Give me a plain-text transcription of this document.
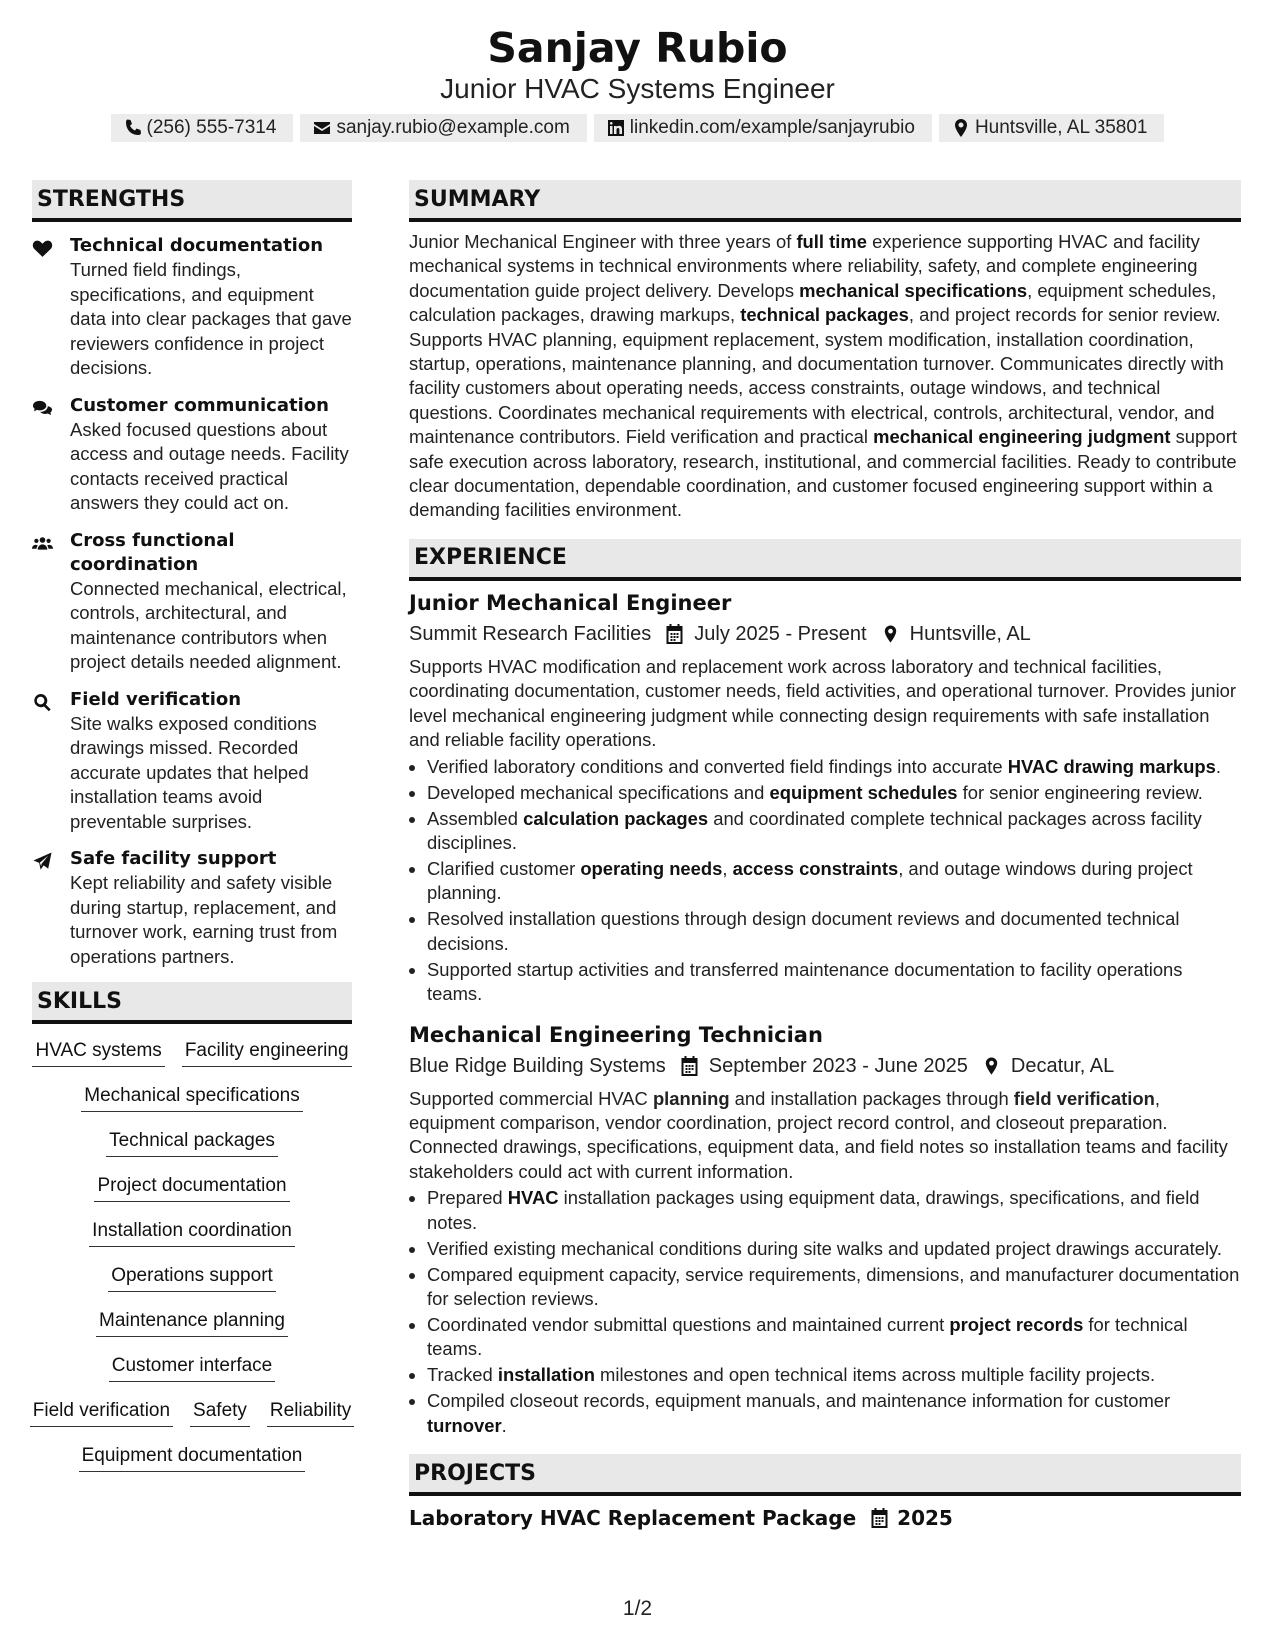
Sanjay Rubio
Junior HVAC Systems Engineer
(256) 555-7314	sanjay.rubio@example.com	linkedin.com/example/sanjayrubio	Huntsville, AL 35801
STRENGTHS
Technical documentation
Turned field findings, specifications, and equipment data into clear packages that gave reviewers confidence in project decisions.
Customer communication
Asked focused questions about access and outage needs. Facility contacts received practical answers they could act on.
Cross functional coordination
Connected mechanical, electrical, controls, architectural, and maintenance contributors when project details needed alignment.
Field verification
Site walks exposed conditions drawings missed. Recorded accurate updates that helped installation teams avoid preventable surprises.
Safe facility support
Kept reliability and safety visible during startup, replacement, and turnover work, earning trust from operations partners.
SKILLS
HVAC systems Facility engineering
Mechanical specifications
Technical packages
Project documentation
Installation coordination
Operations support
Maintenance planning
Customer interface
Field verification Safety Reliability
Equipment documentation
SUMMARY

Junior Mechanical Engineer with three years of full time experience supporting HVAC and facility mechanical systems in technical environments where reliability, safety, and complete engineering documentation guide project delivery. Develops mechanical specifications, equipment schedules, calculation packages, drawing markups, technical packages, and project records for senior review. Supports HVAC planning, equipment replacement, system modification, installation coordination, startup, operations, maintenance planning, and documentation turnover. Communicates directly with facility customers about operating needs, access constraints, outage windows, and technical questions. Coordinates mechanical requirements with electrical, controls, architectural, vendor, and maintenance contributors. Field verification and practical mechanical engineering judgment support safe execution across laboratory, research, institutional, and commercial facilities. Ready to contribute clear documentation, dependable coordination, and customer focused engineering support within a demanding facilities environment.

EXPERIENCE
Junior Mechanical Engineer
Summit Research Facilities July 2025 - Present Huntsville, AL
Supports HVAC modification and replacement work across laboratory and technical facilities, coordinating documentation, customer needs, field activities, and operational turnover. Provides junior level mechanical engineering judgment while connecting design requirements with safe installation and reliable facility operations.
• Verified laboratory conditions and converted field findings into accurate HVAC drawing markups.
• Developed mechanical specifications and equipment schedules for senior engineering review.
• Assembled calculation packages and coordinated complete technical packages across facility disciplines.
• Clarified customer operating needs, access constraints, and outage windows during project planning.
• Resolved installation questions through design document reviews and documented technical decisions.
• Supported startup activities and transferred maintenance documentation to facility operations teams.
Mechanical Engineering Technician
Blue Ridge Building Systems September 2023 - June 2025 Decatur, AL
Supported commercial HVAC planning and installation packages through field verification, equipment comparison, vendor coordination, project record control, and closeout preparation. Connected drawings, specifications, equipment data, and field notes so installation teams and facility stakeholders could act with current information.
• Prepared HVAC installation packages using equipment data, drawings, specifications, and field notes.
• Verified existing mechanical conditions during site walks and updated project drawings accurately.
• Compared equipment capacity, service requirements, dimensions, and manufacturer documentation for selection reviews.
• Coordinated vendor submittal questions and maintained current project records for technical teams.
• Tracked installation milestones and open technical items across multiple facility projects.
• Compiled closeout records, equipment manuals, and maintenance information for customer turnover.
PROJECTS
Laboratory HVAC Replacement Package 2025
1/2
